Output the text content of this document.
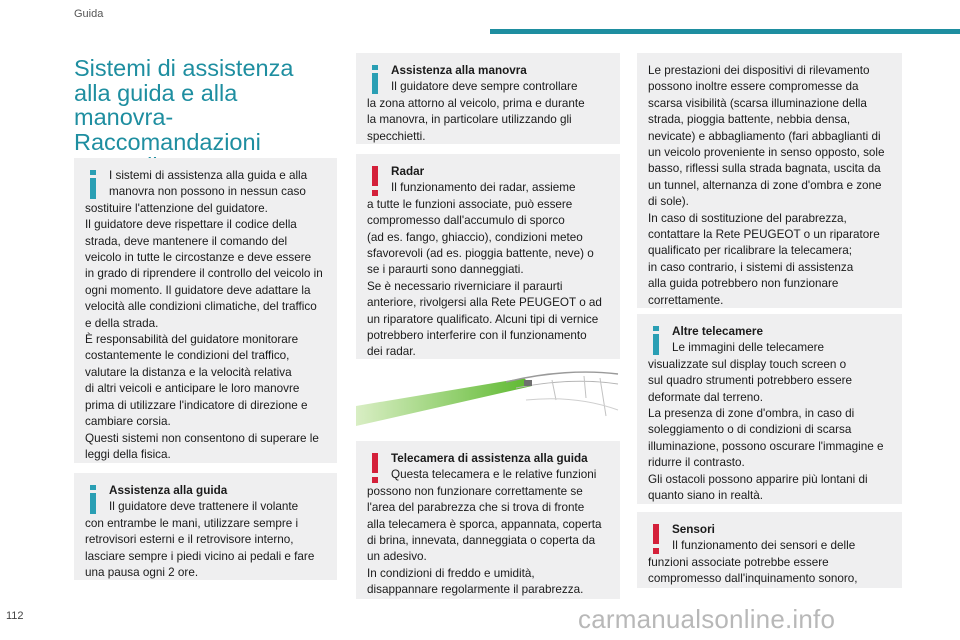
Guida
112
Sistemi di assistenza alla guida e alla manovra- Raccomandazioni
I sistemi di assistenza alla guida e alla
manovra non possono in nessun caso
sostituire l'attenzione del guidatore.
Il guidatore deve rispettare il codice della
strada, deve mantenere il comando del
veicolo in tutte le circostanze e deve essere
in grado di riprendere il controllo del veicolo in
ogni momento. Il guidatore deve adattare la
velocità alle condizioni climatiche, del traffico
e della strada.
È responsabilità del guidatore monitorare
costantemente le condizioni del traffico,
valutare la distanza e la velocità relativa
di altri veicoli e anticipare le loro manovre
prima di utilizzare l'indicatore di direzione e
cambiare corsia.
Questi sistemi non consentono di superare le
leggi della fisica.
Assistenza alla guida
Il guidatore deve trattenere il volante
con entrambe le mani, utilizzare sempre i
retrovisori esterni e il retrovisore interno,
lasciare sempre i piedi vicino ai pedali e fare
una pausa ogni 2 ore.
Assistenza alla manovra
Il guidatore deve sempre controllare
la zona attorno al veicolo, prima e durante
la manovra, in particolare utilizzando gli
specchietti.
Radar
Il funzionamento dei radar, assieme
a tutte le funzioni associate, può essere
compromesso dall'accumulo di sporco
(ad es. fango, ghiaccio), condizioni meteo
sfavorevoli (ad es. pioggia battente, neve) o
se i paraurti sono danneggiati.
Se è necessario riverniciare il paraurti
anteriore, rivolgersi alla Rete PEUGEOT o ad
un riparatore qualificato. Alcuni tipi di vernice
potrebbero interferire con il funzionamento
dei radar.
Telecamera di assistenza alla guida
Questa telecamera e le relative funzioni
possono non funzionare correttamente se
l'area del parabrezza che si trova di fronte
alla telecamera è sporca, appannata, coperta
di brina, innevata, danneggiata o coperta da
un adesivo.
In condizioni di freddo e umidità,
disappannare regolarmente il parabrezza.
Le prestazioni dei dispositivi di rilevamento
possono inoltre essere compromesse da
scarsa visibilità (scarsa illuminazione della
strada, pioggia battente, nebbia densa,
nevicate) e abbagliamento (fari abbaglianti di
un veicolo proveniente in senso opposto, sole
basso, riflessi sulla strada bagnata, uscita da
un tunnel, alternanza di zone d'ombra e zone
di sole).
In caso di sostituzione del parabrezza,
contattare la Rete PEUGEOT o un riparatore
qualificato per ricalibrare la telecamera;
in caso contrario, i sistemi di assistenza
alla guida potrebbero non funzionare
correttamente.
Altre telecamere
Le immagini delle telecamere
visualizzate sul display touch screen o
sul quadro strumenti potrebbero essere
deformate dal terreno.
La presenza di zone d'ombra, in caso di
soleggiamento o di condizioni di scarsa
illuminazione, possono oscurare l'immagine e
ridurre il contrasto.
Gli ostacoli possono apparire più lontani di
quanto siano in realtà.
Sensori
Il funzionamento dei sensori e delle
funzioni associate potrebbe essere
compromesso dall'inquinamento sonoro,
carmanualsonline.info
